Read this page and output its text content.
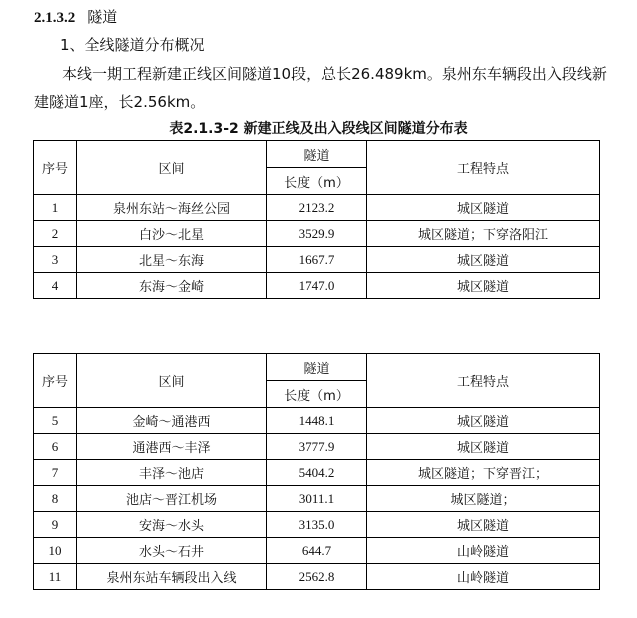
2.1.3.2 隧道
1、全线隧道分布概况
本线一期工程新建正线区间隧道10段，总长26.489km。泉州东车辆段出入段线新建隧道1座，长2.56km。
表2.1.3-2 新建正线及出入段线区间隧道分布表
序号	区间	隧道	工程特点
		长度（m）	
1	泉州东站～海丝公园	2123.2	城区隧道
2	白沙～北星	3529.9	城区隧道；下穿洛阳江
3	北星～东海	1667.7	城区隧道
4	东海～金崎	1747.0	城区隧道
序号	区间	隧道	工程特点
		长度（m）	
5	金崎～通港西	1448.1	城区隧道
6	通港西～丰泽	3777.9	城区隧道
7	丰泽～池店	5404.2	城区隧道；下穿晋江；
8	池店～晋江机场	3011.1	城区隧道；
9	安海～水头	3135.0	城区隧道
10	水头～石井	644.7	山岭隧道
11	泉州东站车辆段出入线	2562.8	山岭隧道
